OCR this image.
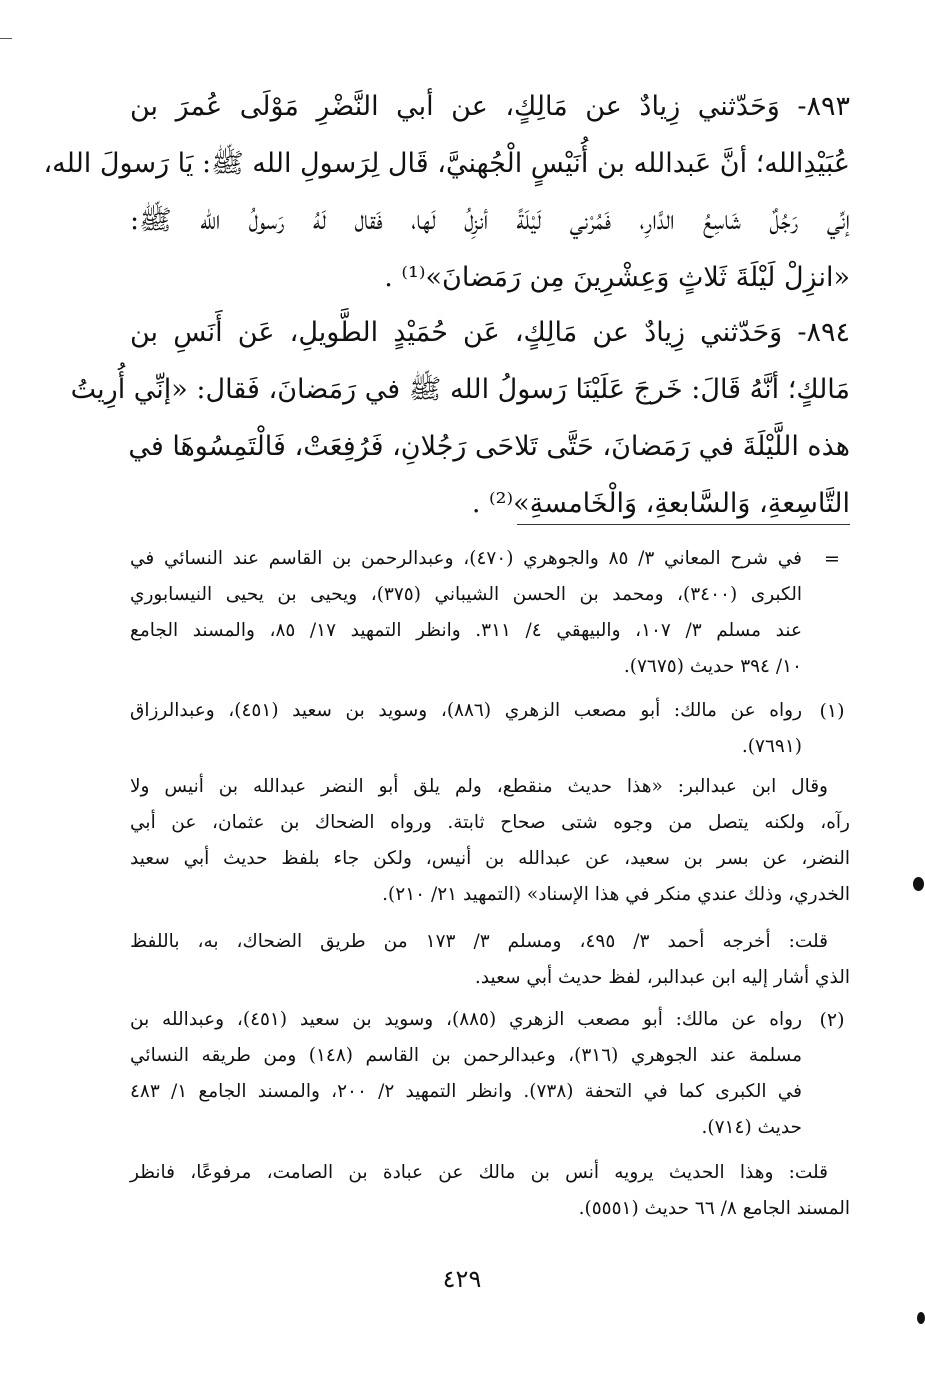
٨٩٣- وَحَدّثني زِيادٌ عن مَالِكٍ، عن أبي النَّضْرِ مَوْلَى عُمرَ بن
عُبَيْدِالله؛ أنَّ عَبدالله بن أُنَيْسٍ الْجُهنيَّ، قَال لِرَسولِ الله ﷺ: يَا رَسولَ الله،
إنِّي رَجُلٌ شَاسِعُ الدَّارِ، فَمُرْني لَيْلَةً أنزِلُ لَها، فَقال لَهُ رَسولُ الله ﷺ:
«انزِلْ لَيْلَةَ ثَلاثٍ وَعِشْرِينَ مِن رَمَضانَ»⁽¹⁾ .
٨٩٤- وَحَدّثني زِيادٌ عن مَالِكٍ، عَن حُمَيْدٍ الطَّويلِ، عَن أَنَسِ بن
مَالكٍ؛ أنَّهُ قَالَ: خَرجَ عَلَيْنَا رَسولُ الله ﷺ في رَمَضانَ، فَقال: «إنِّي أُرِيتُ
هذه اللَّيْلَةَ في رَمَضانَ، حَتَّى تَلاحَى رَجُلانِ، فَرُفِعَتْ، فَالْتَمِسُوهَا في
التَّاسِعةِ، وَالسَّابعةِ، وَالْخَامسةِ»⁽²⁾ .
=
في شرح المعاني ٣/ ٨٥ والجوهري (٤٧٠)، وعبدالرحمن بن القاسم عند النسائي في
الكبرى (٣٤٠٠)، ومحمد بن الحسن الشيباني (٣٧٥)، ويحيى بن يحيى النيسابوري
عند مسلم ٣/ ١٠٧، والبيهقي ٤/ ٣١١. وانظر التمهيد ١٧/ ٨٥، والمسند الجامع
١٠/ ٣٩٤ حديث (٧٦٧٥).
(١)
رواه عن مالك: أبو مصعب الزهري (٨٨٦)، وسويد بن سعيد (٤٥١)، وعبدالرزاق
(٧٦٩١).
وقال ابن عبدالبر: «هذا حديث منقطع، ولم يلق أبو النضر عبدالله بن أنيس ولا
رآه، ولكنه يتصل من وجوه شتى صحاح ثابتة. ورواه الضحاك بن عثمان، عن أبي
النضر، عن بسر بن سعيد، عن عبدالله بن أنيس، ولكن جاء بلفظ حديث أبي سعيد
الخدري، وذلك عندي منكر في هذا الإسناد» (التمهيد ٢١/ ٢١٠).
قلت: أخرجه أحمد ٣/ ٤٩٥، ومسلم ٣/ ١٧٣ من طريق الضحاك، به، باللفظ
الذي أشار إليه ابن عبدالبر، لفظ حديث أبي سعيد.
(٢)
رواه عن مالك: أبو مصعب الزهري (٨٨٥)، وسويد بن سعيد (٤٥١)، وعبدالله بن
مسلمة عند الجوهري (٣١٦)، وعبدالرحمن بن القاسم (١٤٨) ومن طريقه النسائي
في الكبرى كما في التحفة (٧٣٨). وانظر التمهيد ٢/ ٢٠٠، والمسند الجامع ١/ ٤٨٣
حديث (٧١٤).
قلت: وهذا الحديث يرويه أنس بن مالك عن عبادة بن الصامت، مرفوعًا، فانظر
المسند الجامع ٨/ ٦٦ حديث (٥٥٥١).
٤٢٩
